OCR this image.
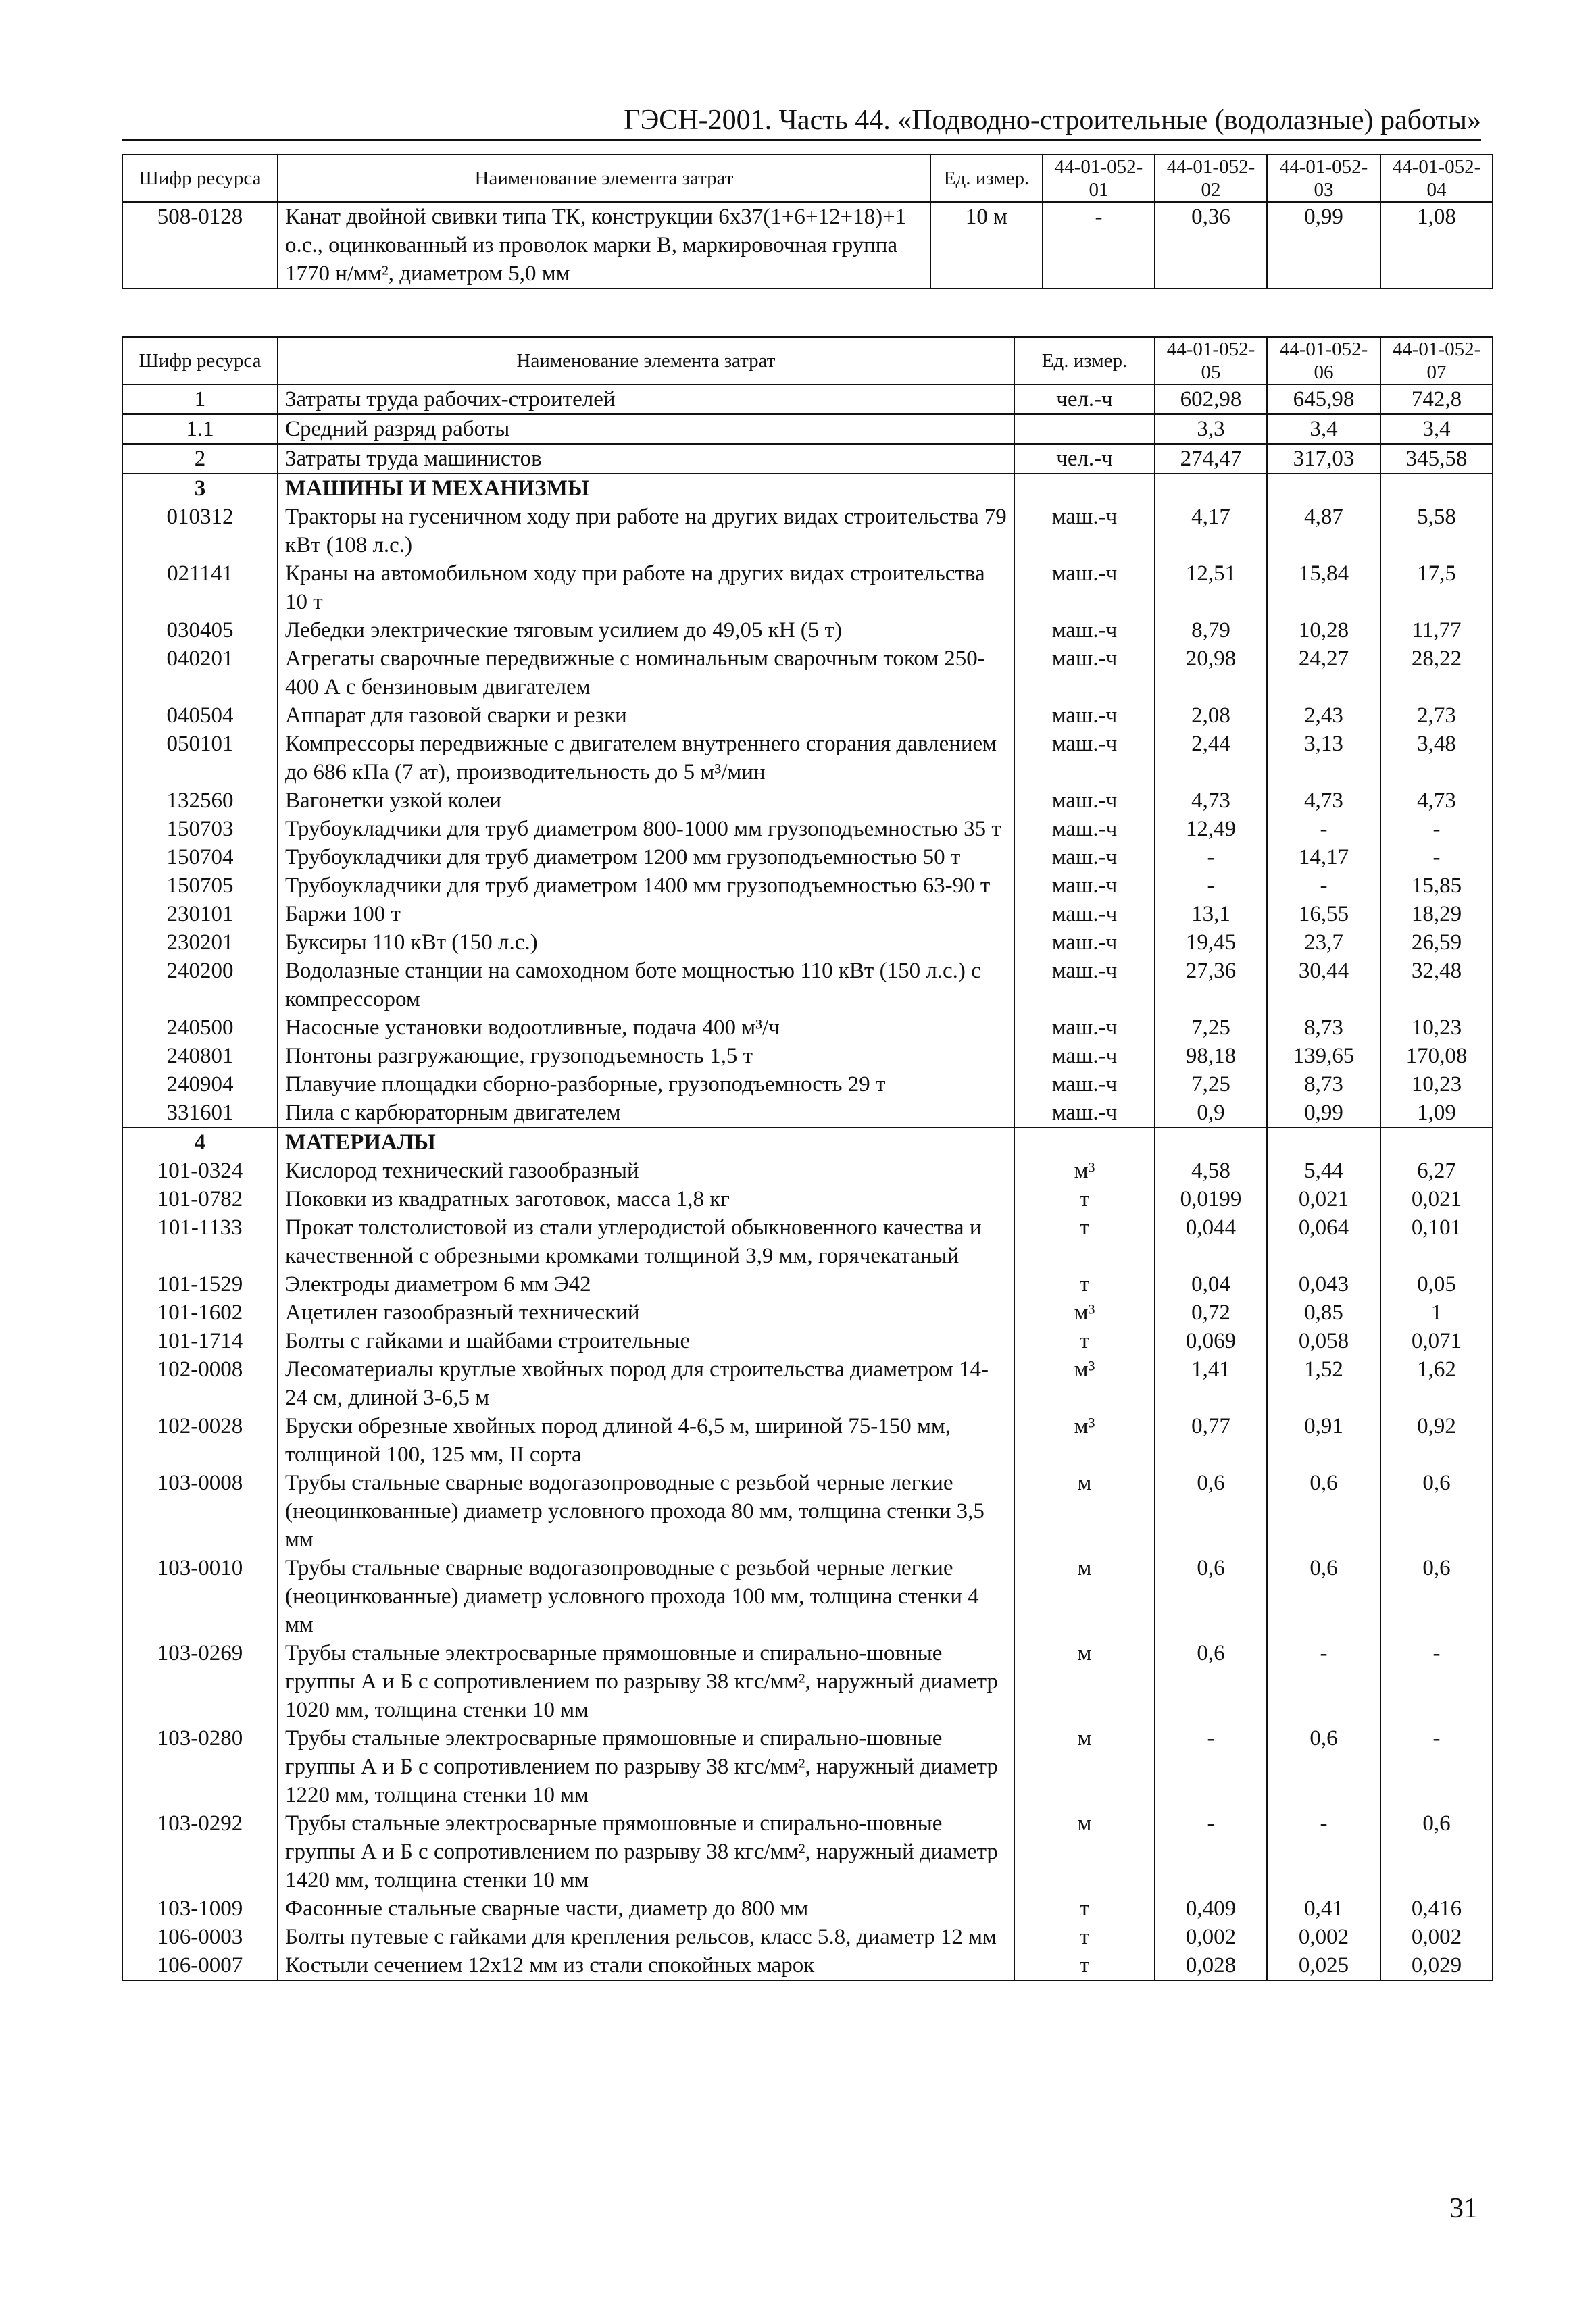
ГЭСН-2001. Часть 44. «Подводно-строительные (водолазные) работы»
Шифр ресурса	Наименование элемента затрат	Ед. измер.	44-01-052-01	44-01-052-02	44-01-052-03	44-01-052-04
508-0128	Канат двойной свивки типа ТК, конструкции 6х37(1+6+12+18)+1 о.с., оцинкованный из проволок марки В, маркировочная группа 1770 н/мм², диаметром 5,0 мм	10 м	-	0,36	0,99	1,08
Шифр ресурса	Наименование элемента затрат	Ед. измер.	44-01-052-05	44-01-052-06	44-01-052-07
1	Затраты труда рабочих-строителей	чел.-ч	602,98	645,98	742,8
1.1	Средний разряд работы		3,3	3,4	3,4
2	Затраты труда машинистов	чел.-ч	274,47	317,03	345,58
3	МАШИНЫ И МЕХАНИЗМЫ				
010312	Тракторы на гусеничном ходу при работе на других видах строительства 79 кВт (108 л.с.)	маш.-ч	4,17	4,87	5,58
021141	Краны на автомобильном ходу при работе на других видах строительства 10 т	маш.-ч	12,51	15,84	17,5
030405	Лебедки электрические тяговым усилием до 49,05 кН (5 т)	маш.-ч	8,79	10,28	11,77
040201	Агрегаты сварочные передвижные с номинальным сварочным током 250-400 А с бензиновым двигателем	маш.-ч	20,98	24,27	28,22
040504	Аппарат для газовой сварки и резки	маш.-ч	2,08	2,43	2,73
050101	Компрессоры передвижные с двигателем внутреннего сгорания давлением до 686 кПа (7 ат), производительность до 5 м³/мин	маш.-ч	2,44	3,13	3,48
132560	Вагонетки узкой колеи	маш.-ч	4,73	4,73	4,73
150703	Трубоукладчики для труб диаметром 800-1000 мм грузоподъемностью 35 т	маш.-ч	12,49	-	-
150704	Трубоукладчики для труб диаметром 1200 мм грузоподъемностью 50 т	маш.-ч	-	14,17	-
150705	Трубоукладчики для труб диаметром 1400 мм грузоподъемностью 63-90 т	маш.-ч	-	-	15,85
230101	Баржи 100 т	маш.-ч	13,1	16,55	18,29
230201	Буксиры 110 кВт (150 л.с.)	маш.-ч	19,45	23,7	26,59
240200	Водолазные станции на самоходном боте мощностью 110 кВт (150 л.с.) с компрессором	маш.-ч	27,36	30,44	32,48
240500	Насосные установки водоотливные, подача 400 м³/ч	маш.-ч	7,25	8,73	10,23
240801	Понтоны разгружающие, грузоподъемность 1,5 т	маш.-ч	98,18	139,65	170,08
240904	Плавучие площадки сборно-разборные, грузоподъемность 29 т	маш.-ч	7,25	8,73	10,23
331601	Пила с карбюраторным двигателем	маш.-ч	0,9	0,99	1,09
4	МАТЕРИАЛЫ				
101-0324	Кислород технический газообразный	м³	4,58	5,44	6,27
101-0782	Поковки из квадратных заготовок, масса 1,8 кг	т	0,0199	0,021	0,021
101-1133	Прокат толстолистовой из стали углеродистой обыкновенного качества и качественной с обрезными кромками толщиной 3,9 мм, горячекатаный	т	0,044	0,064	0,101
101-1529	Электроды диаметром 6 мм Э42	т	0,04	0,043	0,05
101-1602	Ацетилен газообразный технический	м³	0,72	0,85	1
101-1714	Болты с гайками и шайбами строительные	т	0,069	0,058	0,071
102-0008	Лесоматериалы круглые хвойных пород для строительства диаметром 14-24 см, длиной 3-6,5 м	м³	1,41	1,52	1,62
102-0028	Бруски обрезные хвойных пород длиной 4-6,5 м, шириной 75-150 мм, толщиной 100, 125 мм, II сорта	м³	0,77	0,91	0,92
103-0008	Трубы стальные сварные водогазопроводные с резьбой черные легкие (неоцинкованные) диаметр условного прохода 80 мм, толщина стенки 3,5 мм	м	0,6	0,6	0,6
103-0010	Трубы стальные сварные водогазопроводные с резьбой черные легкие (неоцинкованные) диаметр условного прохода 100 мм, толщина стенки 4 мм	м	0,6	0,6	0,6
103-0269	Трубы стальные электросварные прямошовные и спирально-шовные группы А и Б с сопротивлением по разрыву 38 кгс/мм², наружный диаметр 1020 мм, толщина стенки 10 мм	м	0,6	-	-
103-0280	Трубы стальные электросварные прямошовные и спирально-шовные группы А и Б с сопротивлением по разрыву 38 кгс/мм², наружный диаметр 1220 мм, толщина стенки 10 мм	м	-	0,6	-
103-0292	Трубы стальные электросварные прямошовные и спирально-шовные группы А и Б с сопротивлением по разрыву 38 кгс/мм², наружный диаметр 1420 мм, толщина стенки 10 мм	м	-	-	0,6
103-1009	Фасонные стальные сварные части, диаметр до 800 мм	т	0,409	0,41	0,416
106-0003	Болты путевые с гайками для крепления рельсов, класс 5.8, диаметр 12 мм	т	0,002	0,002	0,002
106-0007	Костыли сечением 12х12 мм из стали спокойных марок	т	0,028	0,025	0,029
31
